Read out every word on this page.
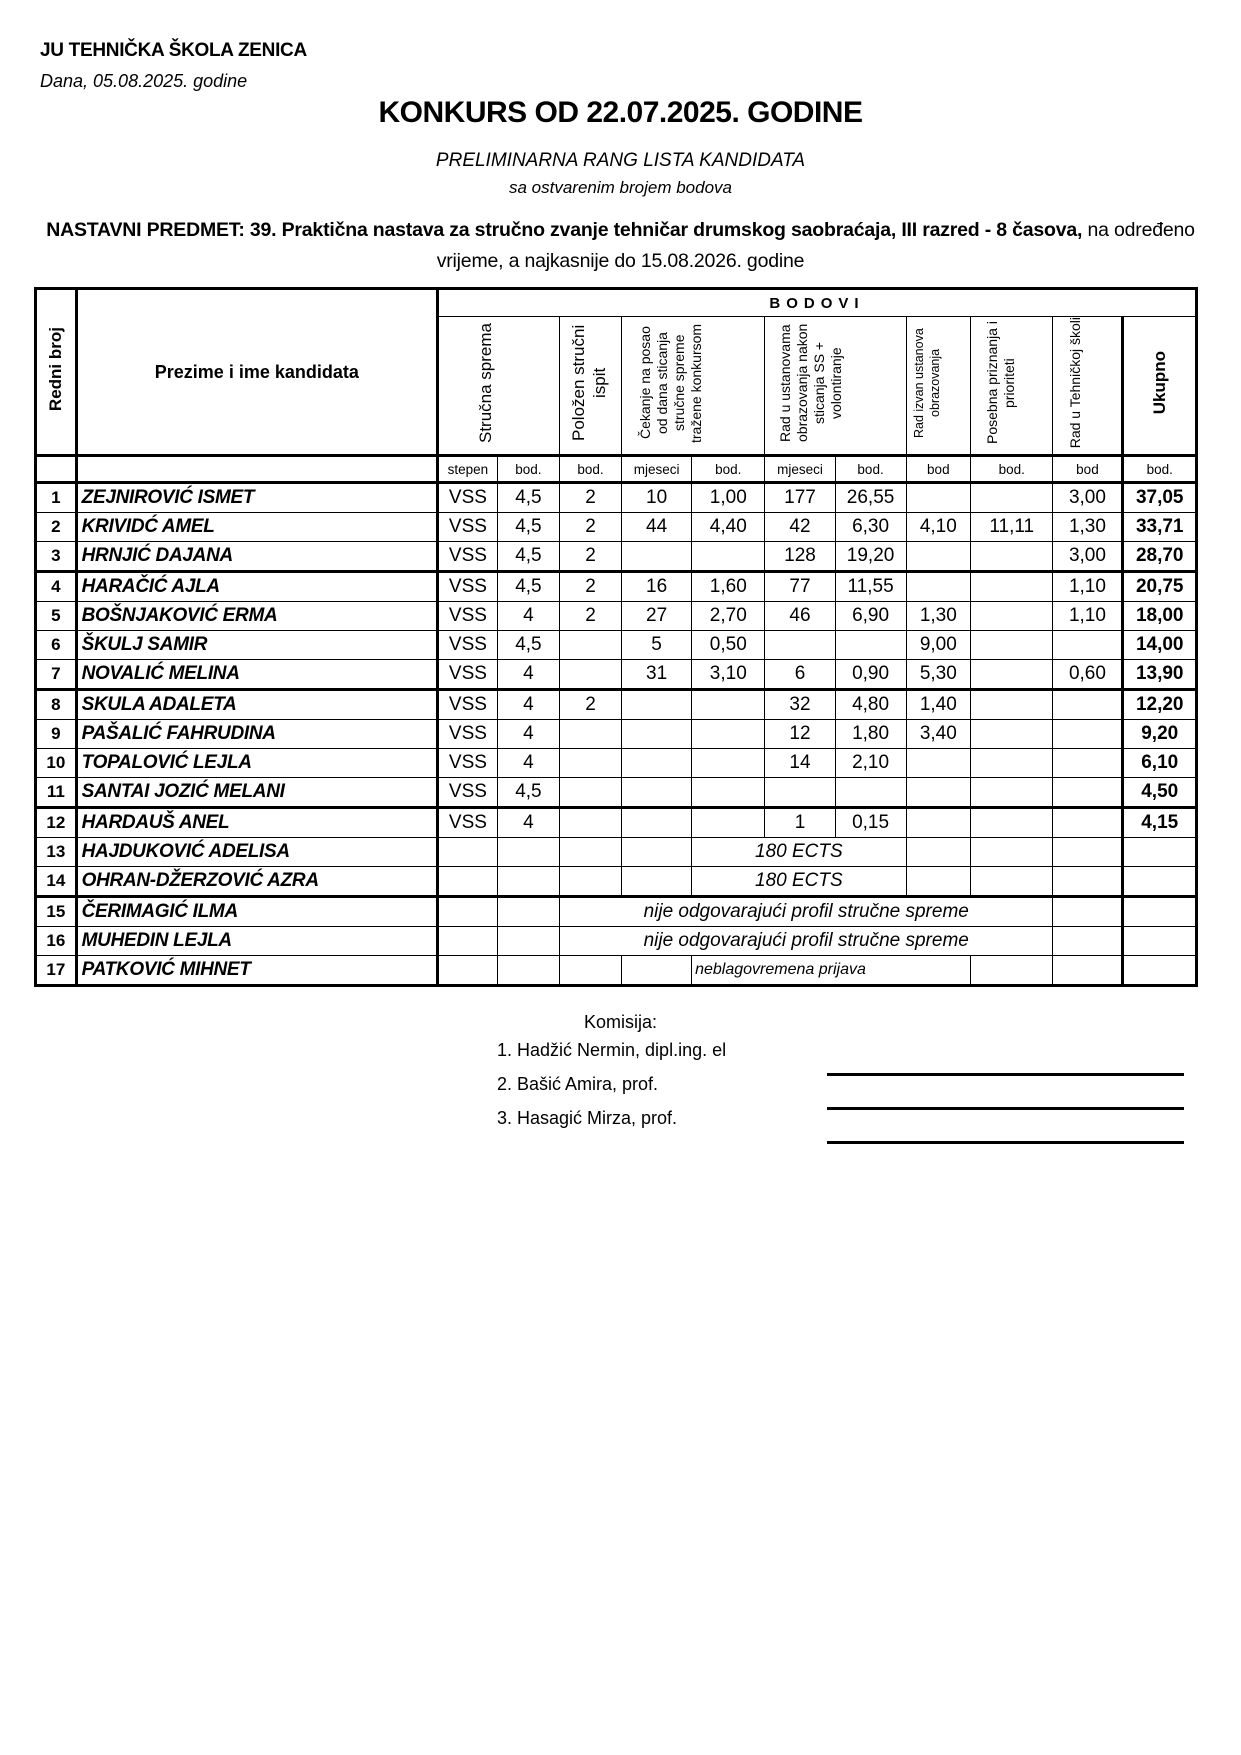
JU TEHNIČKA ŠKOLA ZENICA
Dana, 05.08.2025. godine
KONKURS OD 22.07.2025. GODINE
PRELIMINARNA RANG LISTA KANDIDATA
sa ostvarenim brojem bodova
NASTAVNI PREDMET: 39. Praktična nastava za stručno zvanje tehničar drumskog saobraćaja, III razred - 8 časova, na određeno vrijeme, a najkasnije do 15.08.2026. godine
Redni broj	Prezime i ime kandidata	BODOVI										
		Stručna sprema		Položen stručni ispit	Čekanje na posao od dana sticanja stručne spreme tražene konkursom		Rad u ustanovama obrazovanja nakon sticanja SS + volontiranje		Rad izvan ustanova obrazovanja	Posebna priznanja i prioriteti	Rad u Tehničkoj školi	Ukupno
		stepen	bod.	bod.	mjeseci	bod.	mjeseci	bod.	bod	bod.	bod	bod.
1	ZEJNIROVIĆ ISMET	VSS	4,5	2	10	1,00	177	26,55			3,00	37,05
2	KRIVIDĆ AMEL	VSS	4,5	2	44	4,40	42	6,30	4,10	11,11	1,30	33,71
3	HRNJIĆ DAJANA	VSS	4,5	2			128	19,20			3,00	28,70
4	HARAČIĆ AJLA	VSS	4,5	2	16	1,60	77	11,55			1,10	20,75
5	BOŠNJAKOVIĆ ERMA	VSS	4	2	27	2,70	46	6,90	1,30		1,10	18,00
6	ŠKULJ SAMIR	VSS	4,5		5	0,50			9,00			14,00
7	NOVALIĆ MELINA	VSS	4		31	3,10	6	0,90	5,30		0,60	13,90
8	SKULA ADALETA	VSS	4	2			32	4,80	1,40			12,20
9	PAŠALIĆ FAHRUDINA	VSS	4				12	1,80	3,40			9,20
10	TOPALOVIĆ LEJLA	VSS	4				14	2,10				6,10
11	SANTAI JOZIĆ MELANI	VSS	4,5									4,50
12	HARDAUŠ ANEL	VSS	4				1	0,15				4,15
13	HAJDUKOVIĆ ADELISA					180 ECTS						
14	OHRAN-DŽERZOVIĆ AZRA					180 ECTS						
15	ČERIMAGIĆ ILMA			nije odgovarajući profil stručne spreme								
16	MUHEDIN LEJLA			nije odgovarajući profil stručne spreme								
17	PATKOVIĆ MIHNET					neblagovremena prijava						
Komisija:
1. Hadžić Nermin, dipl.ing. el
2. Bašić Amira, prof.
3. Hasagić Mirza, prof.
